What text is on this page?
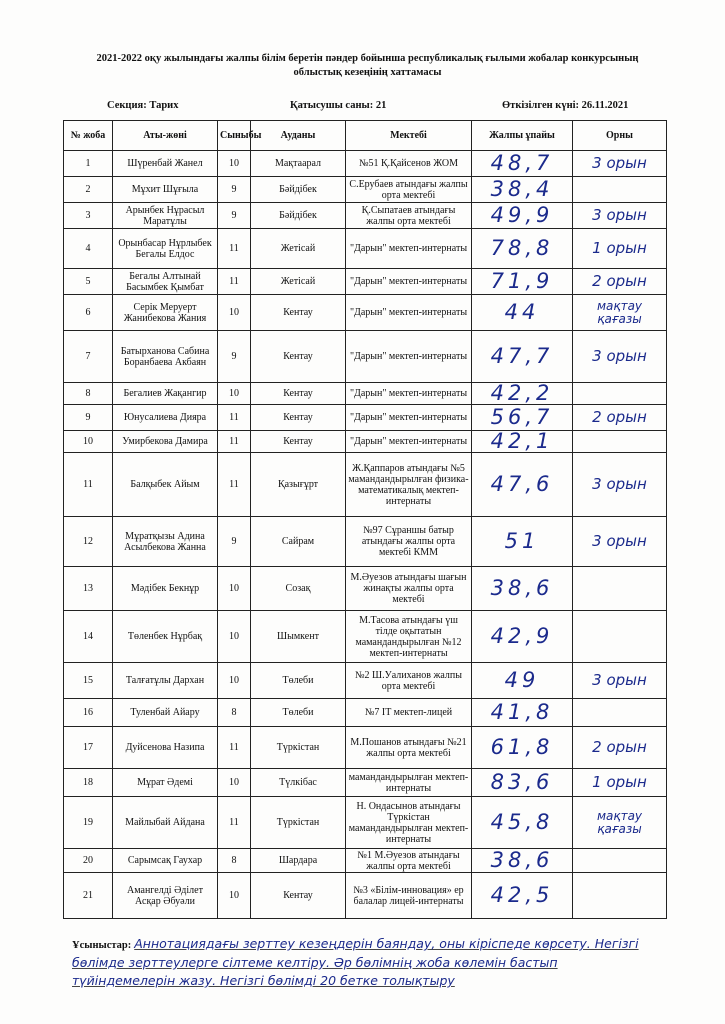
2021-2022 оқу жылындағы жалпы білім беретін пәндер бойынша республикалық ғылыми жобалар конкурсының облыстық кезеңінің хаттамасы
Секция: Тарих	Қатысушы саны: 21	Өткізілген күні: 26.11.2021
№ жоба	Аты-жөні	Сыныбы	Ауданы	Мектебі	Жалпы ұпайы	Орны
1	Шүренбай Жанел	10	Мақтаарал	№51 Қ.Қайсенов ЖОМ	48,7	3 орын
2	Мұхит Шұғыла	9	Бәйдібек	С.Ерубаев атындағы жалпы орта мектебі	38,4	
3	Арынбек Нұрасыл Маратұлы	9	Бәйдібек	Қ.Сыпатаев атындағы жалпы орта мектебі	49,9	3 орын
4	Орынбасар Нұрлыбек Бегалы Елдос	11	Жетісай	"Дарын" мектеп-интернаты	78,8	1 орын
5	Бегалы Алтынай Басымбек Қымбат	11	Жетісай	"Дарын" мектеп-интернаты	71,9	2 орын
6	Серік Меруерт Жанибекова Жания	10	Кентау	"Дарын" мектеп-интернаты	44	мақтау қағазы
7	Батырханова Сабина Боранбаева Акбаян	9	Кентау	"Дарын" мектеп-интернаты	47,7	3 орын
8	Бегалиев Жақангир	10	Кентау	"Дарын" мектеп-интернаты	42,2	
9	Юнусалиева Дияра	11	Кентау	"Дарын" мектеп-интернаты	56,7	2 орын
10	Умирбекова Дамира	11	Кентау	"Дарын" мектеп-интернаты	42,1	
11	Балқыбек Айым	11	Қазығұрт	Ж.Қаппаров атындағы №5 мамандандырылған физика-математикалық мектеп-интернаты	47,6	3 орын
12	Мұратқызы Адина Асылбекова Жанна	9	Сайрам	№97 Сұраншы батыр атындағы жалпы орта мектебі КММ	51	3 орын
13	Мәдібек Бекнұр	10	Созақ	М.Әуезов атындағы шағын жинақты жалпы орта мектебі	38,6	
14	Төленбек Нұрбақ	10	Шымкент	М.Тасова атындағы үш тілде оқытатын мамандандырылған №12 мектеп-интернаты	42,9	
15	Талғатұлы Дархан	10	Төлеби	№2 Ш.Уалиханов жалпы орта мектебі	49	3 орын
16	Туленбай Айару	8	Төлеби	№7 IT мектеп-лицей	41,8	
17	Дуйсенова Назипа	11	Түркістан	М.Пошанов атындағы №21 жалпы орта мектебі	61,8	2 орын
18	Мұрат Әдемі	10	Түлкібас	мамандандырылған мектеп-интернаты	83,6	1 орын
19	Майлыбай Айдана	11	Түркістан	Н. Ондасынов атындағы Түркістан мамандандырылған мектеп-интернаты	45,8	мақтау қағазы
20	Сарымсақ Гаухар	8	Шардара	№1 М.Әуезов атындағы жалпы орта мектебі	38,6	
21	Амангелді Әділет Асқар Әбуәли	10	Кентау	№3 «Білім-инновация» ер балалар лицей-интернаты	42,5	
Ұсыныстар: Аннотациядағы зерттеу кезеңдерін баяндау, оны кіріспеде көрсету. Негізгі бөлімде зерттеулерге сілтеме келтіру. Әр бөлімнің жоба көлемін бастып түйіндемелерін жазу. Негізгі бөлімді 20 бетке толықтыру
